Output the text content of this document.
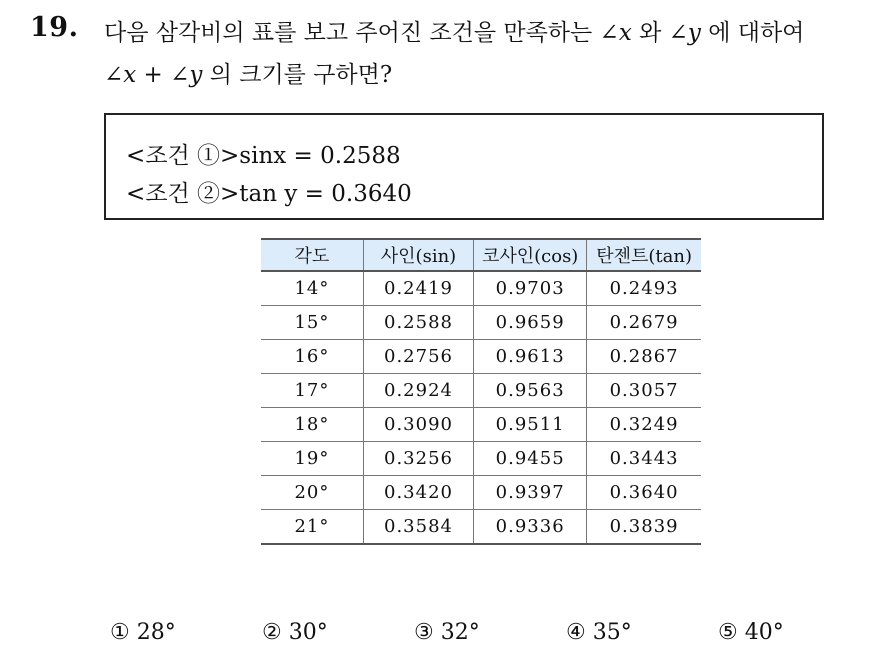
19. 다음 삼각비의 표를 보고 주어진 조건을 만족하는 ∠x 와 ∠y 에 대하여
∠x + ∠y 의 크기를 구하면?
<조건 ①>sinx = 0.2588
<조건 ②>tan y = 0.3640
각도	사인(sin)	코사인(cos)	탄젠트(tan)
14°	0.2419	0.9703	0.2493
15°	0.2588	0.9659	0.2679
16°	0.2756	0.9613	0.2867
17°	0.2924	0.9563	0.3057
18°	0.3090	0.9511	0.3249
19°	0.3256	0.9455	0.3443
20°	0.3420	0.9397	0.3640
21°	0.3584	0.9336	0.3839
① 28°	② 30°	③ 32°	④ 35°	⑤ 40°
